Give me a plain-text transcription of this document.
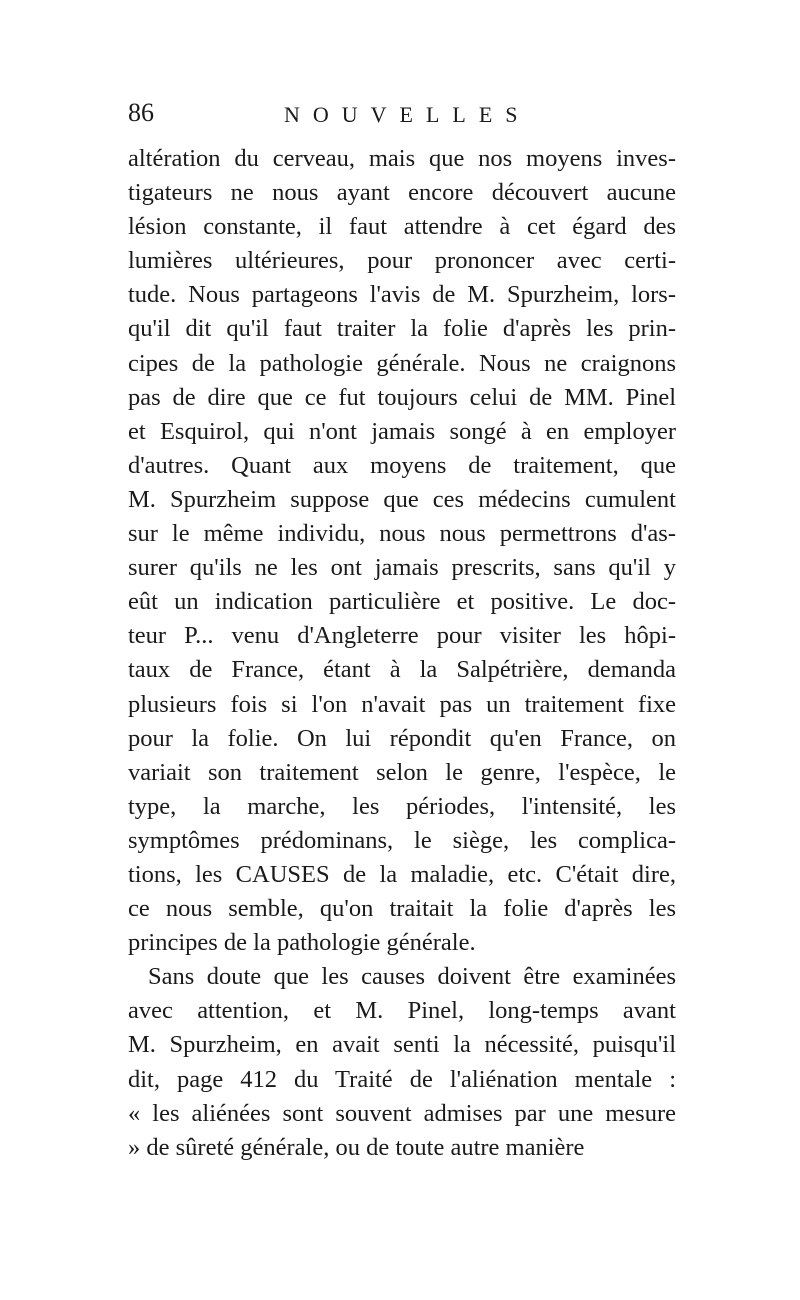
86	NOUVELLES
altération du cerveau, mais que nos moyens inves-
tigateurs ne nous ayant encore découvert aucune
lésion constante, il faut attendre à cet égard des
lumières ultérieures, pour prononcer avec certi-
tude. Nous partageons l'avis de M. Spurzheim, lors-
qu'il dit qu'il faut traiter la folie d'après les prin-
cipes de la pathologie générale. Nous ne craignons
pas de dire que ce fut toujours celui de MM. Pinel
et Esquirol, qui n'ont jamais songé à en employer
d'autres. Quant aux moyens de traitement, que
M. Spurzheim suppose que ces médecins cumulent
sur le même individu, nous nous permettrons d'as-
surer qu'ils ne les ont jamais prescrits, sans qu'il y
eût un indication particulière et positive. Le doc-
teur P... venu d'Angleterre pour visiter les hôpi-
taux de France, étant à la Salpétrière, demanda
plusieurs fois si l'on n'avait pas un traitement fixe
pour la folie. On lui répondit qu'en France, on
variait son traitement selon le genre, l'espèce, le
type, la marche, les périodes, l'intensité, les
symptômes prédominans, le siège, les complica-
tions, les CAUSES de la maladie, etc. C'était dire,
ce nous semble, qu'on traitait la folie d'après les
principes de la pathologie générale.
Sans doute que les causes doivent être examinées
avec attention, et M. Pinel, long-temps avant
M. Spurzheim, en avait senti la nécessité, puisqu'il
dit, page 412 du Traité de l'aliénation mentale :
« les aliénées sont souvent admises par une mesure
» de sûreté générale, ou de toute autre manière
